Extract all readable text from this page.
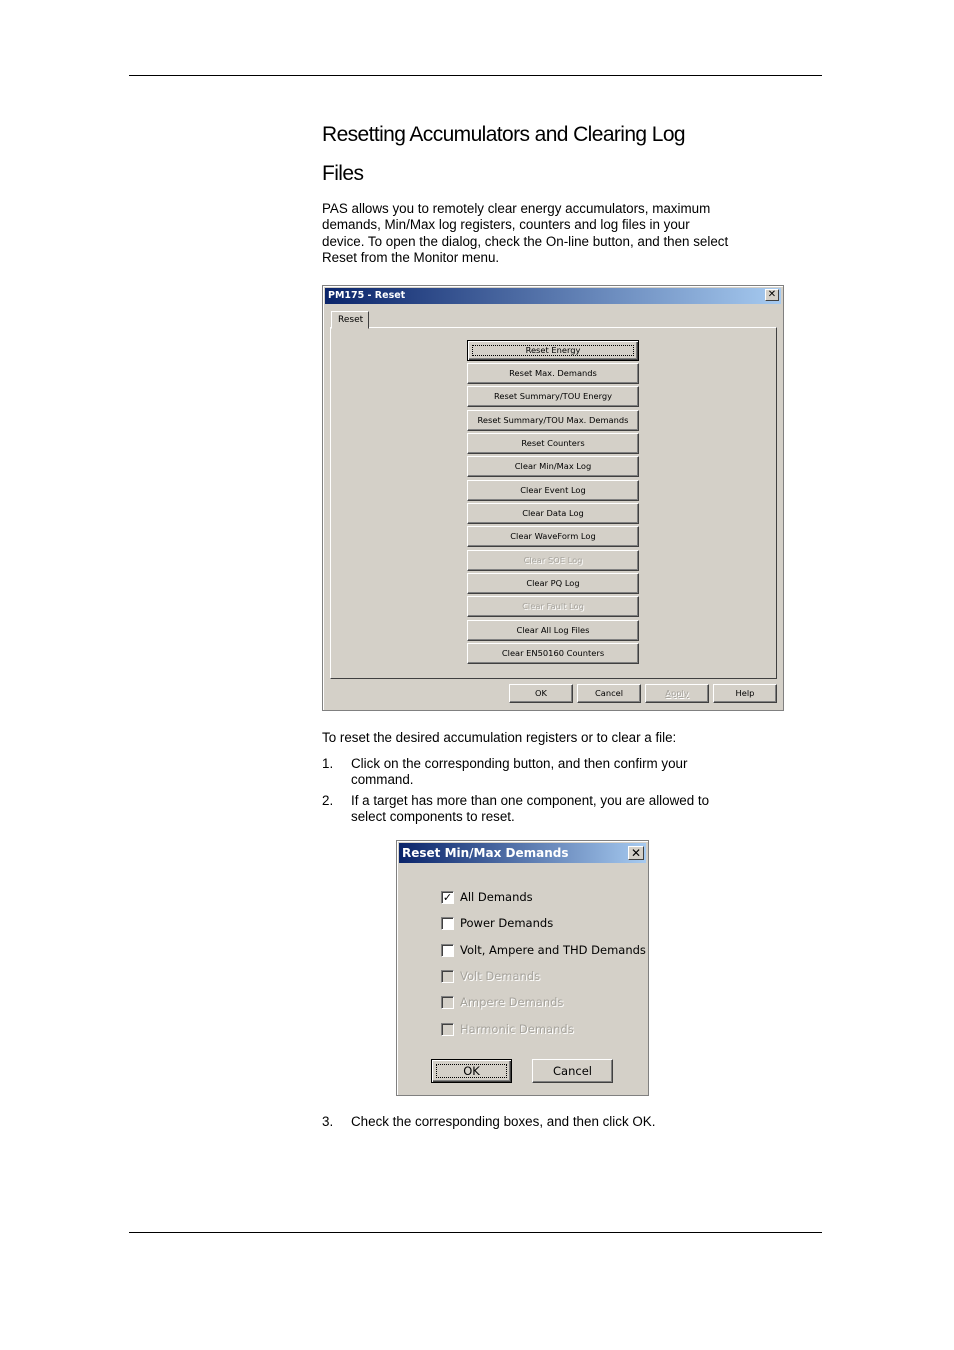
Resetting Accumulators and Clearing Log
Files
PAS allows you to remotely clear energy accumulators, maximum demands, Min/Max log registers, counters and log files in your device. To open the dialog, check the On-line button, and then select Reset from the Monitor menu.
PM175 - Reset	✕
Reset
Reset Energy
Reset Max. Demands
Reset Summary/TOU Energy
Reset Summary/TOU Max. Demands
Reset Counters
Clear Min/Max Log
Clear Event Log
Clear Data Log
Clear WaveForm Log
Clear SOE Log
Clear PQ Log
Clear Fault Log
Clear All Log Files
Clear EN50160 Counters
OK	Cancel	Apply	Help
To reset the desired accumulation registers or to clear a file:
1. Click on the corresponding button, and then confirm your command.
2. If a target has more than one component, you are allowed to select components to reset.
Reset Min/Max Demands	✕
✓ All Demands
Power Demands
Volt, Ampere and THD Demands
Volt Demands
Ampere Demands
Harmonic Demands
OK	Cancel
3. Check the corresponding boxes, and then click OK.
